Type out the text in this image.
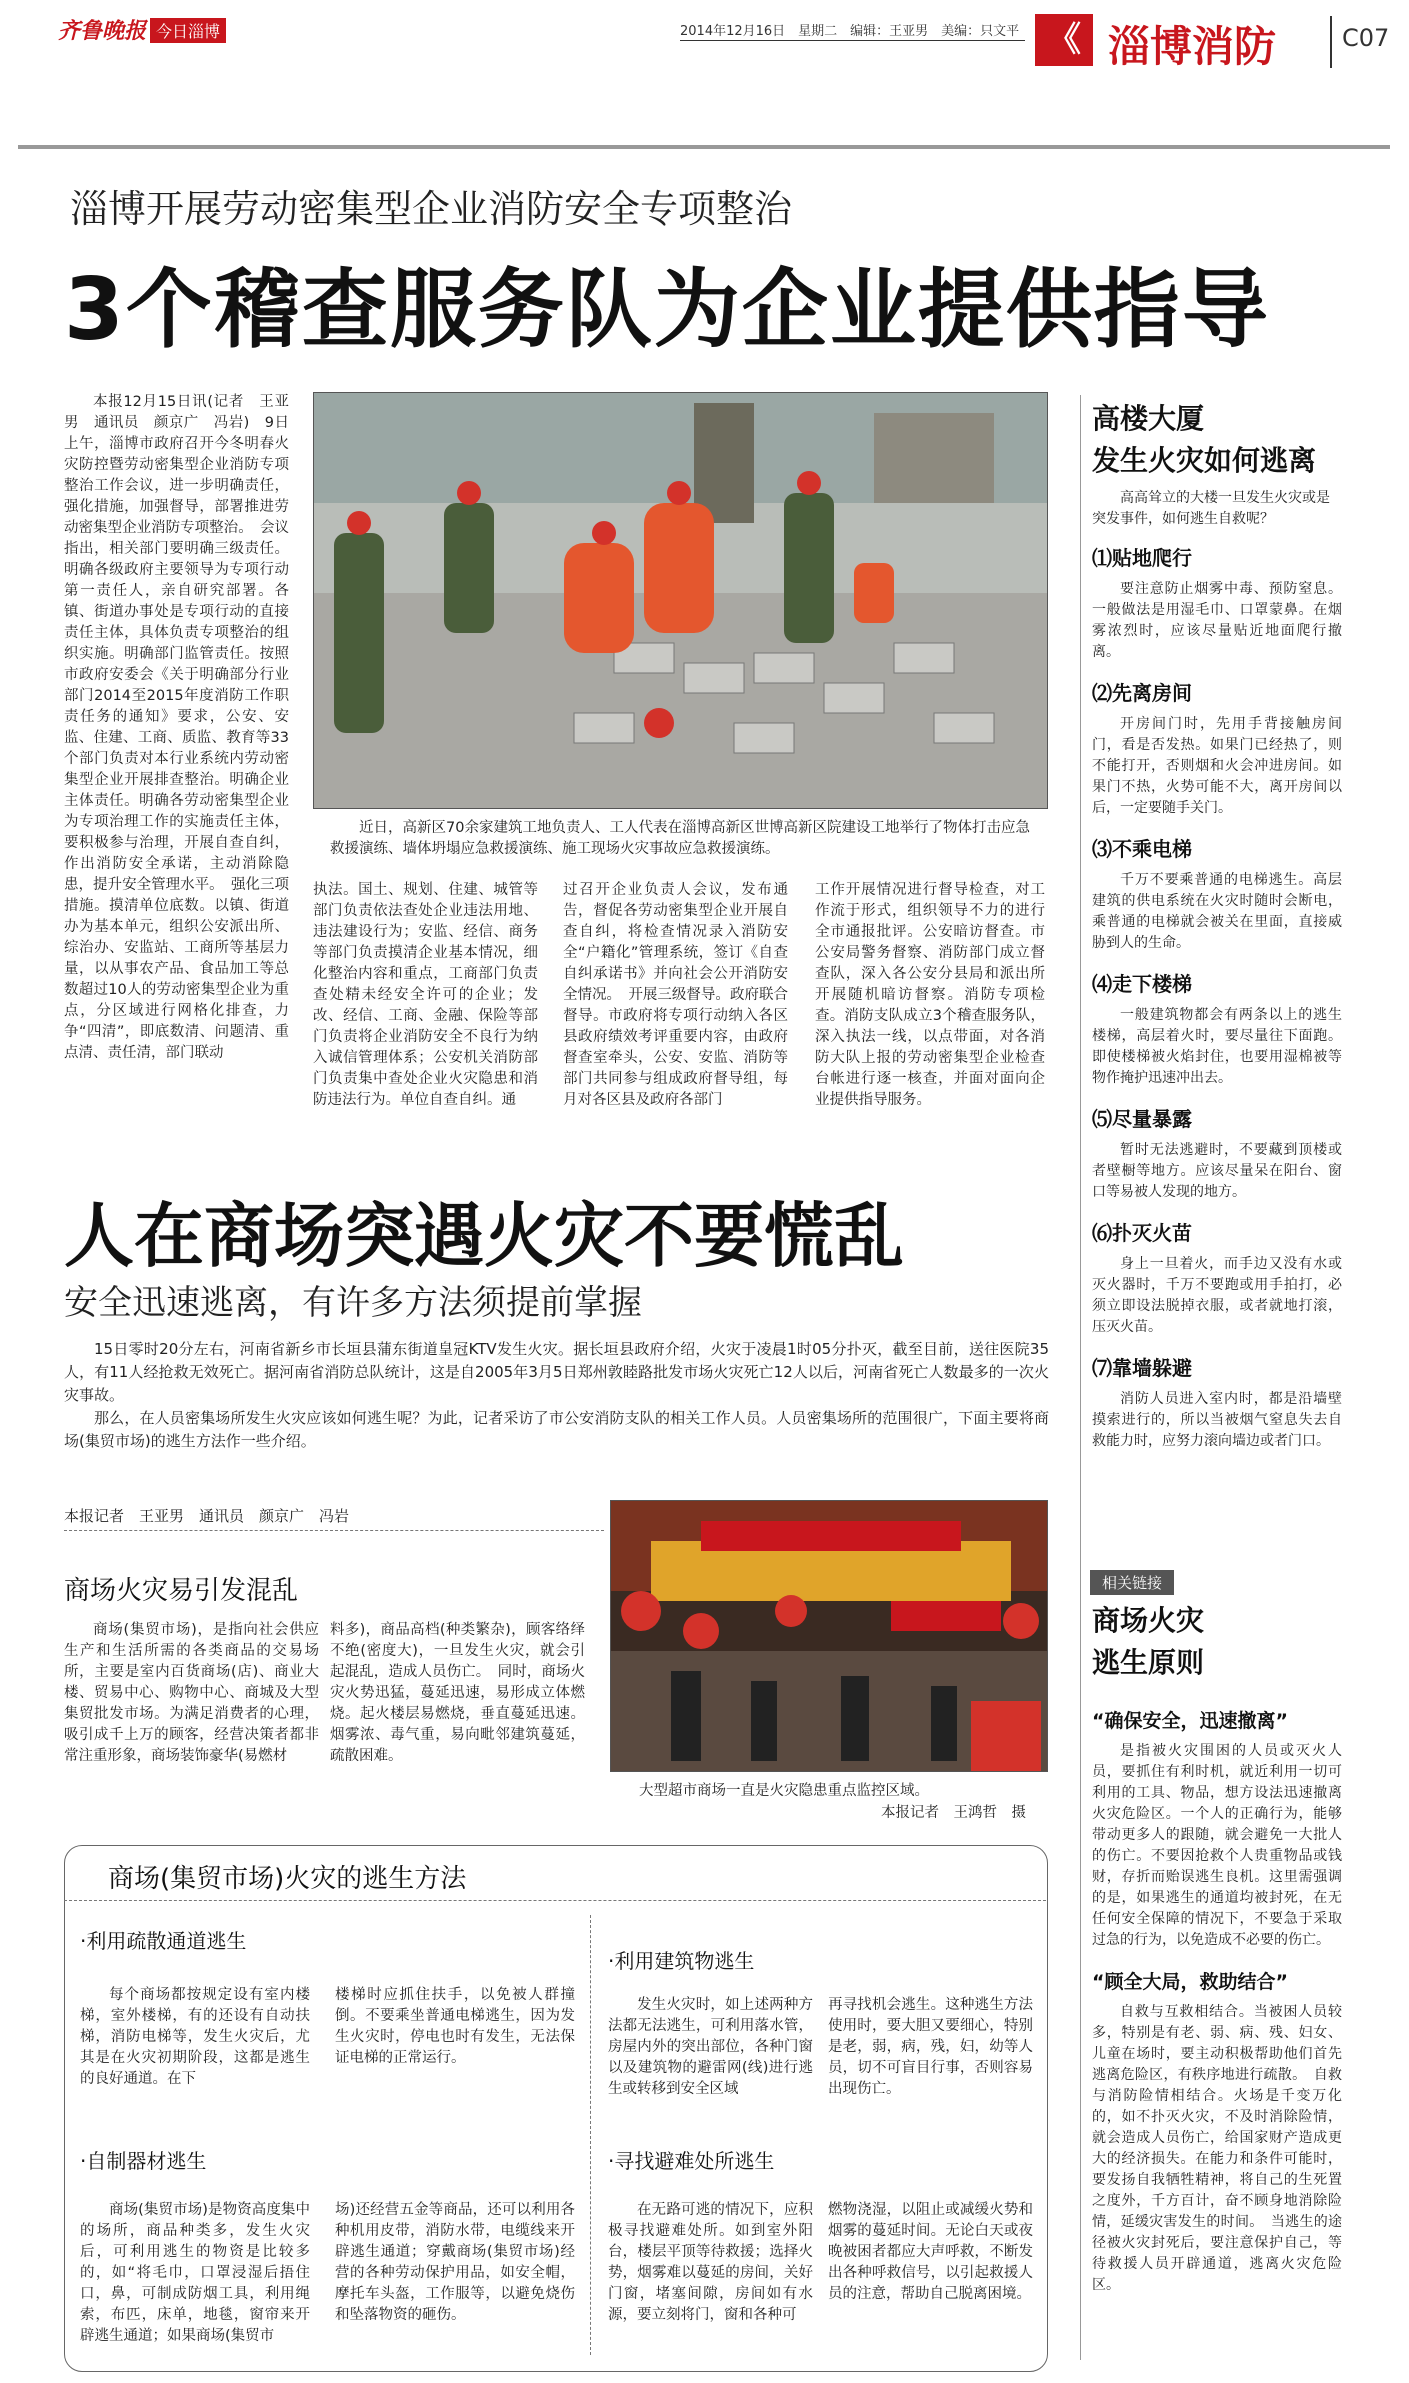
齐鲁晚报 今日淄博	2014年12月16日　星期二　编辑：王亚男　美编：只文平 《 淄博消防	C07
淄博开展劳动密集型企业消防安全专项整治
3个稽查服务队为企业提供指导

本报12月15日讯(记者　王亚男　通讯员　颜京广　冯岩)　9日上午，淄博市政府召开今冬明春火灾防控暨劳动密集型企业消防专项整治工作会议，进一步明确责任，强化措施，加强督导，部署推进劳动密集型企业消防专项整治。　会议指出，相关部门要明确三级责任。明确各级政府主要领导为专项行动第一责任人，亲自研究部署。各镇、街道办事处是专项行动的直接责任主体，具体负责专项整治的组织实施。明确部门监管责任。按照市政府安委会《关于明确部分行业部门2014至2015年度消防工作职责任务的通知》要求，公安、安监、住建、工商、质监、教育等33个部门负责对本行业系统内劳动密集型企业开展排查整治。明确企业主体责任。明确各劳动密集型企业为专项治理工作的实施责任主体，要积极参与治理，开展自查自纠，作出消防安全承诺，主动消除隐患，提升安全管理水平。　强化三项措施。摸清单位底数。以镇、街道办为基本单元，组织公安派出所、综治办、安监站、工商所等基层力量，以从事农产品、食品加工等总数超过10人的劳动密集型企业为重点，分区域进行网格化排查，力争“四清”，即底数清、问题清、重点清、责任清，部门联动

近日，高新区70余家建筑工地负责人、工人代表在淄博高新区世博高新区院建设工地举行了物体打击应急救援演练、墙体坍塌应急救援演练、施工现场火灾事故应急救援演练。

执法。国土、规划、住建、城管等部门负责依法查处企业违法用地、违法建设行为；安监、经信、商务等部门负责摸清企业基本情况，细化整治内容和重点，工商部门负责查处精未经安全许可的企业；发改、经信、工商、金融、保险等部门负责将企业消防安全不良行为纳入诚信管理体系；公安机关消防部门负责集中查处企业火灾隐患和消防违法行为。单位自查自纠。通

过召开企业负责人会议，发布通告，督促各劳动密集型企业开展自查自纠，将检查情况录入消防安全“户籍化”管理系统，签订《自查自纠承诺书》并向社会公开消防安全情况。　开展三级督导。政府联合督导。市政府将专项行动纳入各区县政府绩效考评重要内容，由政府督查室牵头，公安、安监、消防等部门共同参与组成政府督导组，每月对各区县及政府各部门

工作开展情况进行督导检查，对工作流于形式，组织领导不力的进行全市通报批评。公安暗访督查。市公安局警务督察、消防部门成立督查队，深入各公安分县局和派出所开展随机暗访督察。消防专项检查。消防支队成立3个稽查服务队，深入执法一线，以点带面，对各消防大队上报的劳动密集型企业检查台帐进行逐一核查，并面对面向企业提供指导服务。

高楼大厦
发生火灾如何逃离
高高耸立的大楼一旦发生火灾或是突发事件，如何逃生自救呢？
⑴贴地爬行
要注意防止烟雾中毒、预防窒息。一般做法是用湿毛巾、口罩蒙鼻。在烟雾浓烈时，应该尽量贴近地面爬行撤离。
⑵先离房间
开房间门时，先用手背接触房间门，看是否发热。如果门已经热了，则不能打开，否则烟和火会冲进房间。如果门不热，火势可能不大，离开房间以后，一定要随手关门。
⑶不乘电梯
千万不要乘普通的电梯逃生。高层建筑的供电系统在火灾时随时会断电，乘普通的电梯就会被关在里面，直接威胁到人的生命。
⑷走下楼梯
一般建筑物都会有两条以上的逃生楼梯，高层着火时，要尽量往下面跑。即使楼梯被火焰封住，也要用湿棉被等物作掩护迅速冲出去。
⑸尽量暴露
暂时无法逃避时，不要藏到顶楼或者壁橱等地方。应该尽量呆在阳台、窗口等易被人发现的地方。
⑹扑灭火苗
身上一旦着火，而手边又没有水或灭火器时，千万不要跑或用手拍打，必须立即设法脱掉衣服，或者就地打滚，压灭火苗。
⑺靠墙躲避
消防人员进入室内时，都是沿墙壁摸索进行的，所以当被烟气窒息失去自救能力时，应努力滚向墙边或者门口。
相关链接
商场火灾
逃生原则
“确保安全，迅速撤离”
是指被火灾围困的人员或灭火人员，要抓住有利时机，就近利用一切可利用的工具、物品，想方设法迅速撤离火灾危险区。一个人的正确行为，能够带动更多人的跟随，就会避免一大批人的伤亡。不要因抢救个人贵重物品或钱财，存折而贻误逃生良机。这里需强调的是，如果逃生的通道均被封死，在无任何安全保障的情况下，不要急于采取过急的行为，以免造成不必要的伤亡。
“顾全大局，救助结合”
自救与互救相结合。当被困人员较多，特别是有老、弱、病、残、妇女、儿童在场时，要主动积极帮助他们首先逃离危险区，有秩序地进行疏散。　自救与消防险情相结合。火场是千变万化的，如不扑灭火灾，不及时消除险情，就会造成人员伤亡，给国家财产造成更大的经济损失。在能力和条件可能时，要发扬自我牺牲精神，将自己的生死置之度外，千方百计，奋不顾身地消除险情，延缓灾害发生的时间。　当逃生的途径被火灾封死后，要注意保护自己，等待救援人员开辟通道，逃离火灾危险区。
人在商场突遇火灾不要慌乱
安全迅速逃离，有许多方法须提前掌握
15日零时20分左右，河南省新乡市长垣县蒲东街道皇冠KTV发生火灾。据长垣县政府介绍，火灾于凌晨1时05分扑灭，截至目前，送往医院35人，有11人经抢救无效死亡。据河南省消防总队统计，这是自2005年3月5日郑州敦睦路批发市场火灾死亡12人以后，河南省死亡人数最多的一次火灾事故。
那么，在人员密集场所发生火灾应该如何逃生呢？为此，记者采访了市公安消防支队的相关工作人员。人员密集场所的范围很广，下面主要将商场(集贸市场)的逃生方法作一些介绍。
本报记者　王亚男　通讯员　颜京广　冯岩
商场火灾易引发混乱

商场(集贸市场)，是指向社会供应生产和生活所需的各类商品的交易场所，主要是室内百货商场(店)、商业大楼、贸易中心、购物中心、商城及大型集贸批发市场。为满足消费者的心理，吸引成千上万的顾客，经营决策者都非常注重形象，商场装饰豪华(易燃材

料多)，商品高档(种类繁杂)，顾客络绎不绝(密度大)，一旦发生火灾，就会引起混乱，造成人员伤亡。　同时，商场火灾火势迅猛，蔓延迅速，易形成立体燃烧。起火楼层易燃烧，垂直蔓延迅速。烟雾浓、毒气重，易向毗邻建筑蔓延，疏散困难。

大型超市商场一直是火灾隐患重点监控区域。
本报记者　王鸿哲　摄
商场(集贸市场)火灾的逃生方法
·利用疏散通道逃生

每个商场都按规定设有室内楼梯，室外楼梯，有的还设有自动扶梯，消防电梯等，发生火灾后，尤其是在火灾初期阶段，这都是逃生的良好通道。在下

楼梯时应抓住扶手，以免被人群撞倒。不要乘坐普通电梯逃生，因为发生火灾时，停电也时有发生，无法保证电梯的正常运行。

·自制器材逃生

商场(集贸市场)是物资高度集中的场所，商品种类多，发生火灾后，可利用逃生的物资是比较多的，如“将毛巾，口罩浸湿后捂住口，鼻，可制成防烟工具，利用绳索，布匹，床单，地毯，窗帘来开辟逃生通道；如果商场(集贸市

场)还经营五金等商品，还可以利用各种机用皮带，消防水带，电缆线来开辟逃生通道；穿戴商场(集贸市场)经营的各种劳动保护用品，如安全帽，摩托车头盔，工作服等，以避免烧伤和坠落物资的砸伤。

·利用建筑物逃生

发生火灾时，如上述两种方法都无法逃生，可利用落水管，房屋内外的突出部位，各种门窗以及建筑物的避雷网(线)进行逃生或转移到安全区域

再寻找机会逃生。这种逃生方法使用时，要大胆又要细心，特别是老，弱，病，残，妇，幼等人员，切不可盲目行事，否则容易出现伤亡。

·寻找避难处所逃生

在无路可逃的情况下，应积极寻找避难处所。如到室外阳台，楼层平顶等待救援；选择火势，烟雾难以蔓延的房间，关好门窗，堵塞间隙，房间如有水源，要立刻将门，窗和各种可

燃物浇湿，以阻止或减缓火势和烟雾的蔓延时间。无论白天或夜晚被困者都应大声呼救，不断发出各种呼救信号，以引起救援人员的注意，帮助自己脱离困境。
